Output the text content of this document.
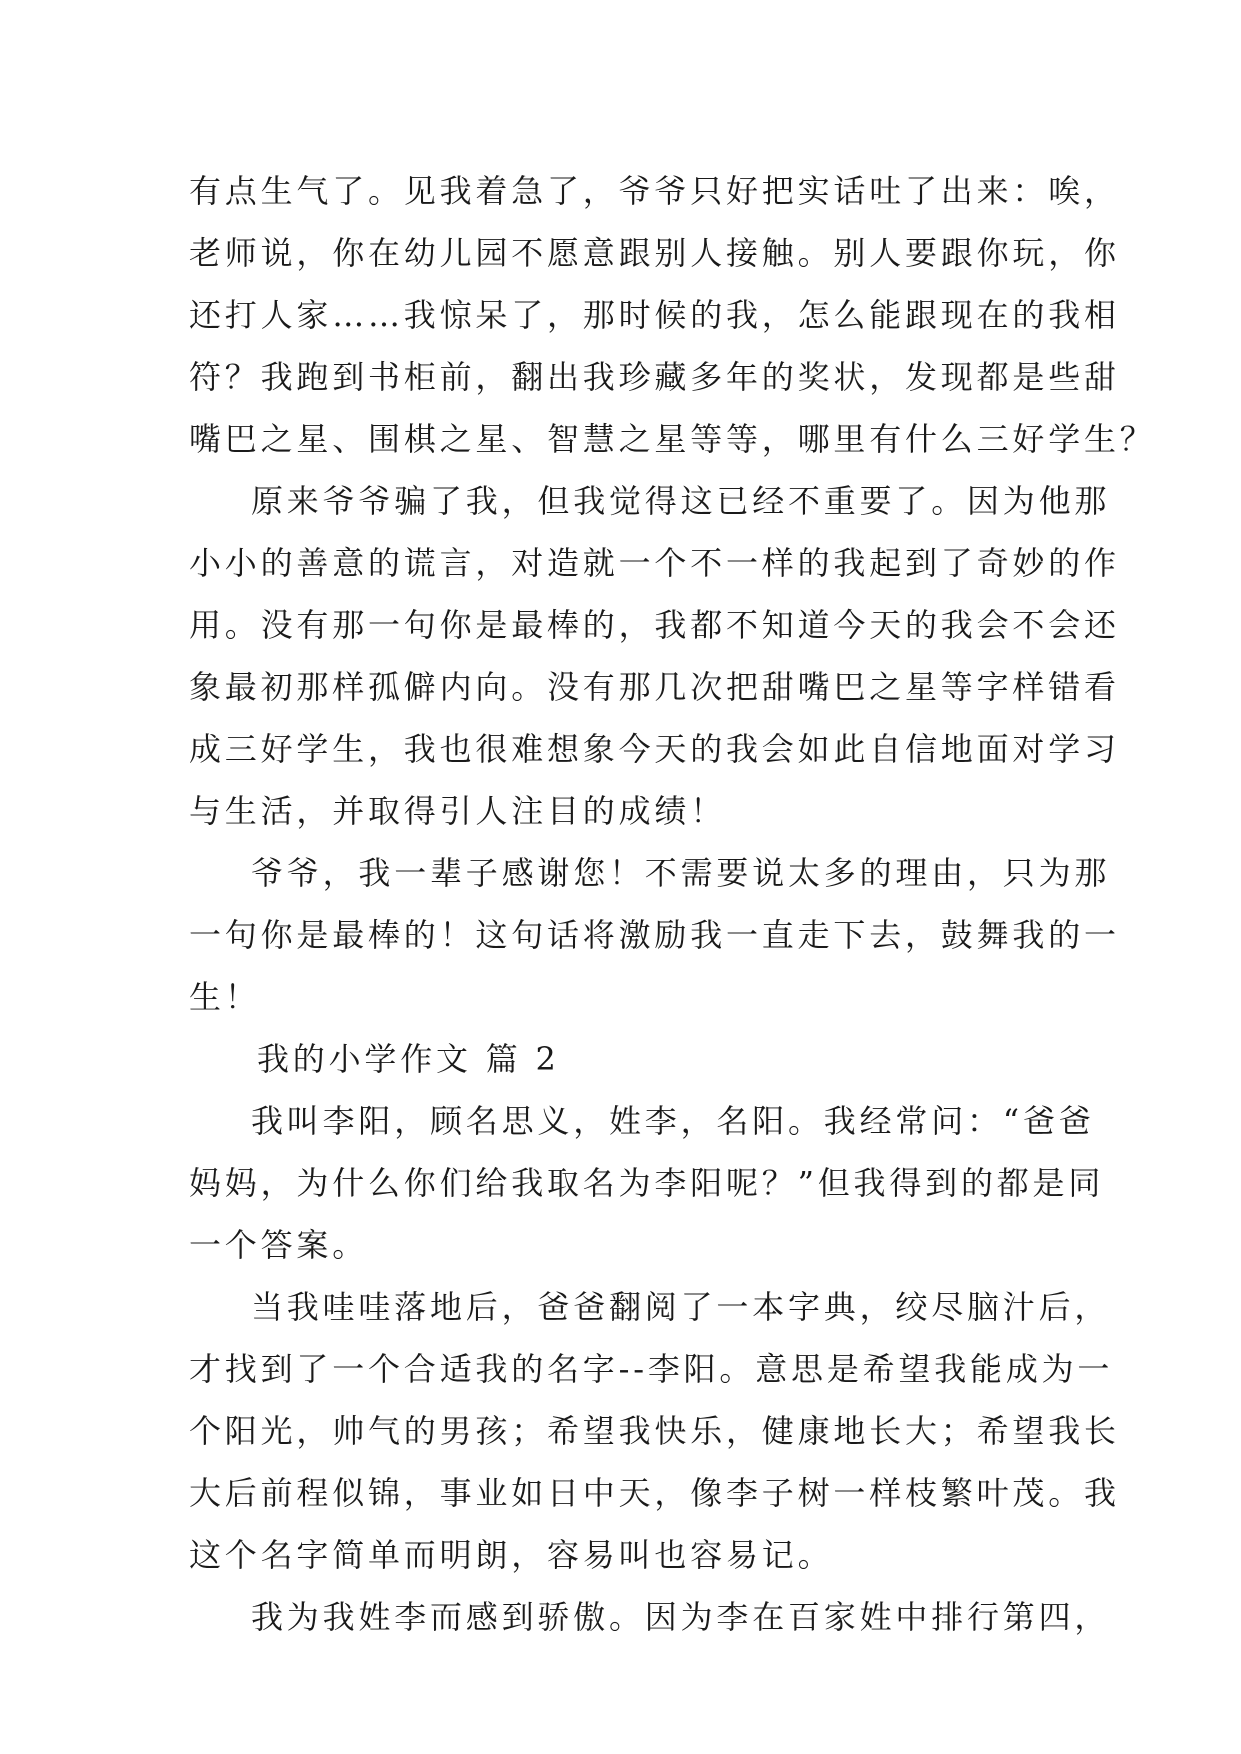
有点生气了。见我着急了，爷爷只好把实话吐了出来：唉，
老师说，你在幼儿园不愿意跟别人接触。别人要跟你玩，你
还打人家……我惊呆了，那时候的我，怎么能跟现在的我相
符？我跑到书柜前，翻出我珍藏多年的奖状，发现都是些甜
嘴巴之星、围棋之星、智慧之星等等，哪里有什么三好学生？

原来爷爷骗了我，但我觉得这已经不重要了。因为他那
小小的善意的谎言，对造就一个不一样的我起到了奇妙的作
用。没有那一句你是最棒的，我都不知道今天的我会不会还
象最初那样孤僻内向。没有那几次把甜嘴巴之星等字样错看
成三好学生，我也很难想象今天的我会如此自信地面对学习
与生活，并取得引人注目的成绩！

爷爷，我一辈子感谢您！不需要说太多的理由，只为那
一句你是最棒的！这句话将激励我一直走下去，鼓舞我的一
生！

我的小学作文 篇 2

我叫李阳，顾名思义，姓李，名阳。我经常问：“爸爸
妈妈，为什么你们给我取名为李阳呢？”但我得到的都是同
一个答案。

当我哇哇落地后，爸爸翻阅了一本字典，绞尽脑汁后，
才找到了一个合适我的名字--李阳。意思是希望我能成为一
个阳光，帅气的男孩；希望我快乐，健康地长大；希望我长
大后前程似锦，事业如日中天，像李子树一样枝繁叶茂。我
这个名字简单而明朗，容易叫也容易记。

我为我姓李而感到骄傲。因为李在百家姓中排行第四，
